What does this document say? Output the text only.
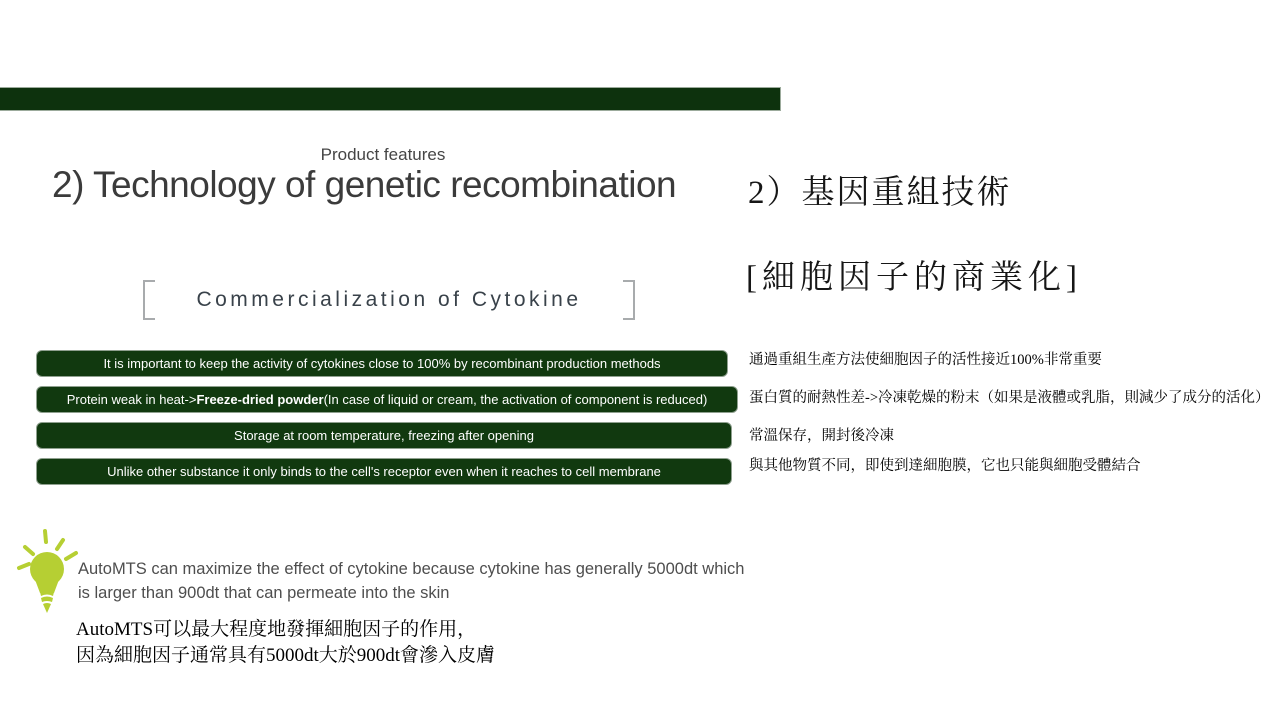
Product features
2) Technology of genetic recombination	2）基因重組技術
[細胞因子的商業化]
Commercialization of Cytokine
It is important to keep the activity of cytokines close to 100% by recombinant production methods
Protein weak in heat-> Freeze-dried powder (In case of liquid or cream, the activation of component is reduced)
Storage at room temperature, freezing after opening
Unlike other substance it only binds to the cell's receptor even when it reaches to cell membrane
通過重組生產方法使細胞因子的活性接近100%非常重要
蛋白質的耐熱性差->冷凍乾燥的粉末（如果是液體或乳脂，則減少了成分的活化）
常溫保存，開封後冷凍
與其他物質不同，即使到達細胞膜，它也只能與細胞受體結合
AutoMTS can maximize the effect of cytokine because cytokine has generally 5000dt which
is larger than 900dt that can permeate into the skin
AutoMTS可以最大程度地發揮細胞因子的作用，
因為細胞因子通常具有5000dt大於900dt會滲入皮膚
